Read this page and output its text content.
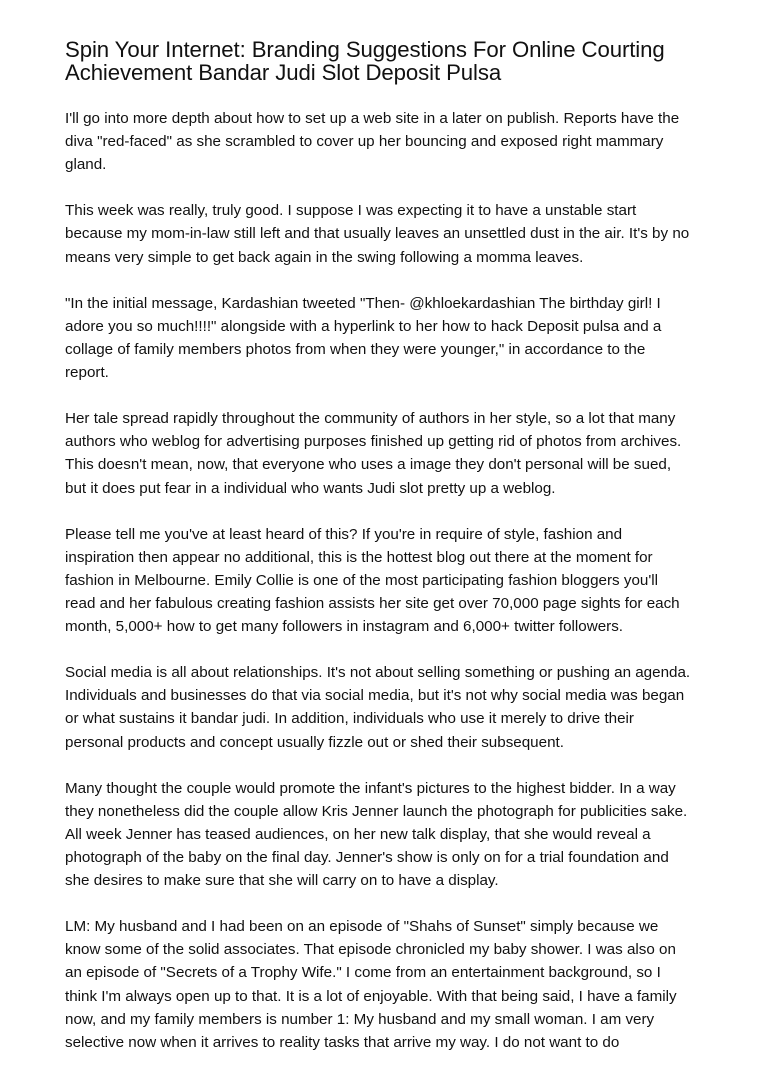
Spin Your Internet: Branding Suggestions For Online Courting
Achievement Bandar Judi Slot Deposit Pulsa

I'll go into more depth about how to set up a web site in a later on publish. Reports have the
diva "red-faced" as she scrambled to cover up her bouncing and exposed right mammary
gland.

This week was really, truly good. I suppose I was expecting it to have a unstable start
because my mom-in-law still left and that usually leaves an unsettled dust in the air. It's by no
means very simple to get back again in the swing following a momma leaves.

"In the initial message, Kardashian tweeted "Then- @khloekardashian The birthday girl! I
adore you so much!!!!" alongside with a hyperlink to her how to hack Deposit pulsa and a
collage of family members photos from when they were younger," in accordance to the
report.

Her tale spread rapidly throughout the community of authors in her style, so a lot that many
authors who weblog for advertising purposes finished up getting rid of photos from archives.
This doesn't mean, now, that everyone who uses a image they don't personal will be sued,
but it does put fear in a individual who wants Judi slot pretty up a weblog.

Please tell me you've at least heard of this? If you're in require of style, fashion and
inspiration then appear no additional, this is the hottest blog out there at the moment for
fashion in Melbourne. Emily Collie is one of the most participating fashion bloggers you'll
read and her fabulous creating fashion assists her site get over 70,000 page sights for each
month, 5,000+ how to get many followers in instagram and 6,000+ twitter followers.

Social media is all about relationships. It's not about selling something or pushing an agenda.
Individuals and businesses do that via social media, but it's not why social media was began
or what sustains it bandar judi. In addition, individuals who use it merely to drive their
personal products and concept usually fizzle out or shed their subsequent.

Many thought the couple would promote the infant's pictures to the highest bidder. In a way
they nonetheless did the couple allow Kris Jenner launch the photograph for publicities sake.
All week Jenner has teased audiences, on her new talk display, that she would reveal a
photograph of the baby on the final day. Jenner's show is only on for a trial foundation and
she desires to make sure that she will carry on to have a display.

LM: My husband and I had been on an episode of "Shahs of Sunset" simply because we
know some of the solid associates. That episode chronicled my baby shower. I was also on
an episode of "Secrets of a Trophy Wife." I come from an entertainment background, so I
think I'm always open up to that. It is a lot of enjoyable. With that being said, I have a family
now, and my family members is number 1: My husband and my small woman. I am very
selective now when it arrives to reality tasks that arrive my way. I do not want to do
